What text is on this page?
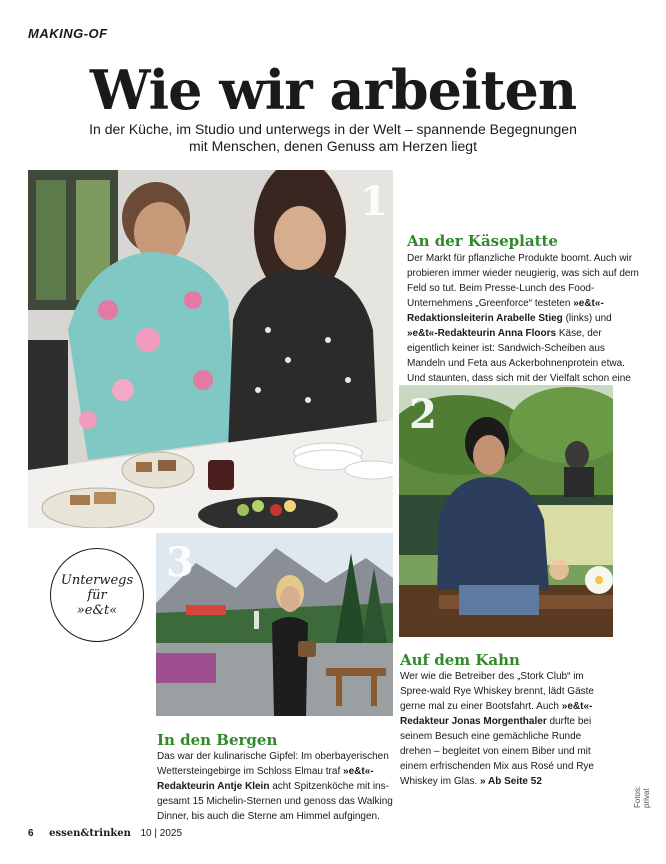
MAKING-OF
Wie wir arbeiten
In der Küche, im Studio und unterwegs in der Welt – spannende Begegnungen
mit Menschen, denen Genuss am Herzen liegt
1
An der Käseplatte
Der Markt für pflanzliche Produkte boomt. Auch wir probieren immer wieder neugierig, was sich auf dem Feld so tut. Beim Presse-Lunch des Food-Unternehmens „Greenforce“ testeten »e&t«-Redaktionsleiterin Arabelle Stieg (links) und »e&t«-Redakteurin Anna Floors Käse, der eigentlich keiner ist: Sandwich-Scheiben aus Mandeln und Feta aus Ackerbohnenprotein etwa. Und staunten, dass sich mit der Vielfalt schon eine
2
Unterwegs
für
»e&t«
3
Auf dem Kahn
Wer wie die Betreiber des „Stork Club“ im Spree-wald Rye Whiskey brennt, lädt Gäste gerne mal zu einer Bootsfahrt. Auch »e&t«-Redakteur Jonas Morgenthaler durfte bei seinem Besuch eine gemächliche Runde drehen – begleitet von einem Biber und mit einem erfrischenden Mix aus Rosé und Rye Whiskey im Glas. » Ab Seite 52
In den Bergen
Das war der kulinarische Gipfel: Im oberbayerischen Wettersteingebirge im Schloss Elmau traf »e&t«-Redakteurin Antje Klein acht Spitzenköche mit ins-gesamt 15 Michelin-Sternen und genoss das Walking Dinner, bis auch die Sterne am Himmel aufgingen.
Fotos: privat
6 essen&trinken 10 | 2025
